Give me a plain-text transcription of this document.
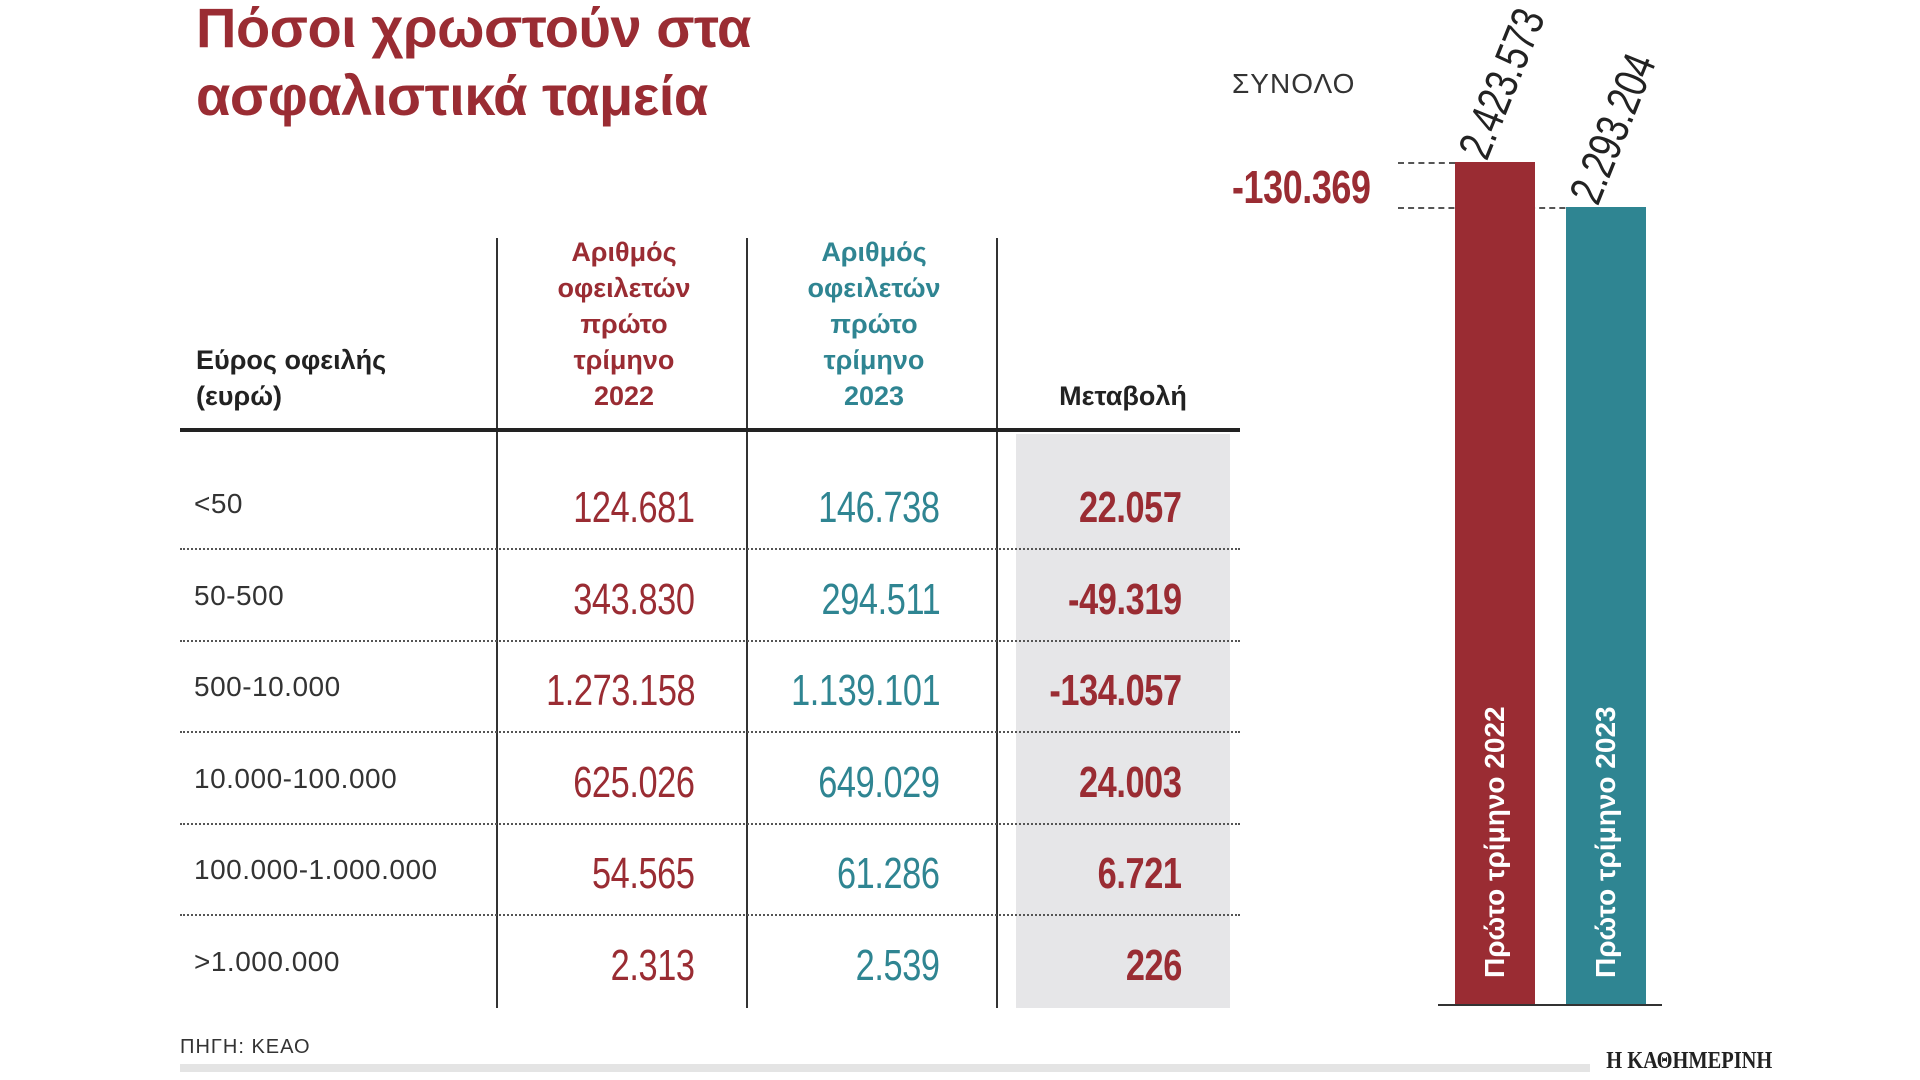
Πόσοι χρωστούν στα ασφαλιστικά ταμεία
Εύρος οφειλής
(ευρώ)
Αριθμός
οφειλετών
πρώτο
τρίμηνο
2022
Αριθμός
οφειλετών
πρώτο
τρίμηνο
2023	Μεταβολή
<50	124.681	146.738	22.057
50-500	343.830	294.511	-49.319
500-10.000	1.273.158	1.139.101	-134.057
10.000-100.000	625.026	649.029	24.003
100.000-1.000.000	54.565	61.286	6.721
>1.000.000	2.313	2.539	226
ΣΥΝΟΛΟ
-130.369
Πρώτο τρίμηνο 2022	Πρώτο τρίμηνο 2023
2.423.573 2.293.204
ΠΗΓΗ: ΚΕΑΟ
Η ΚΑΘΗΜΕΡΙΝΗ
